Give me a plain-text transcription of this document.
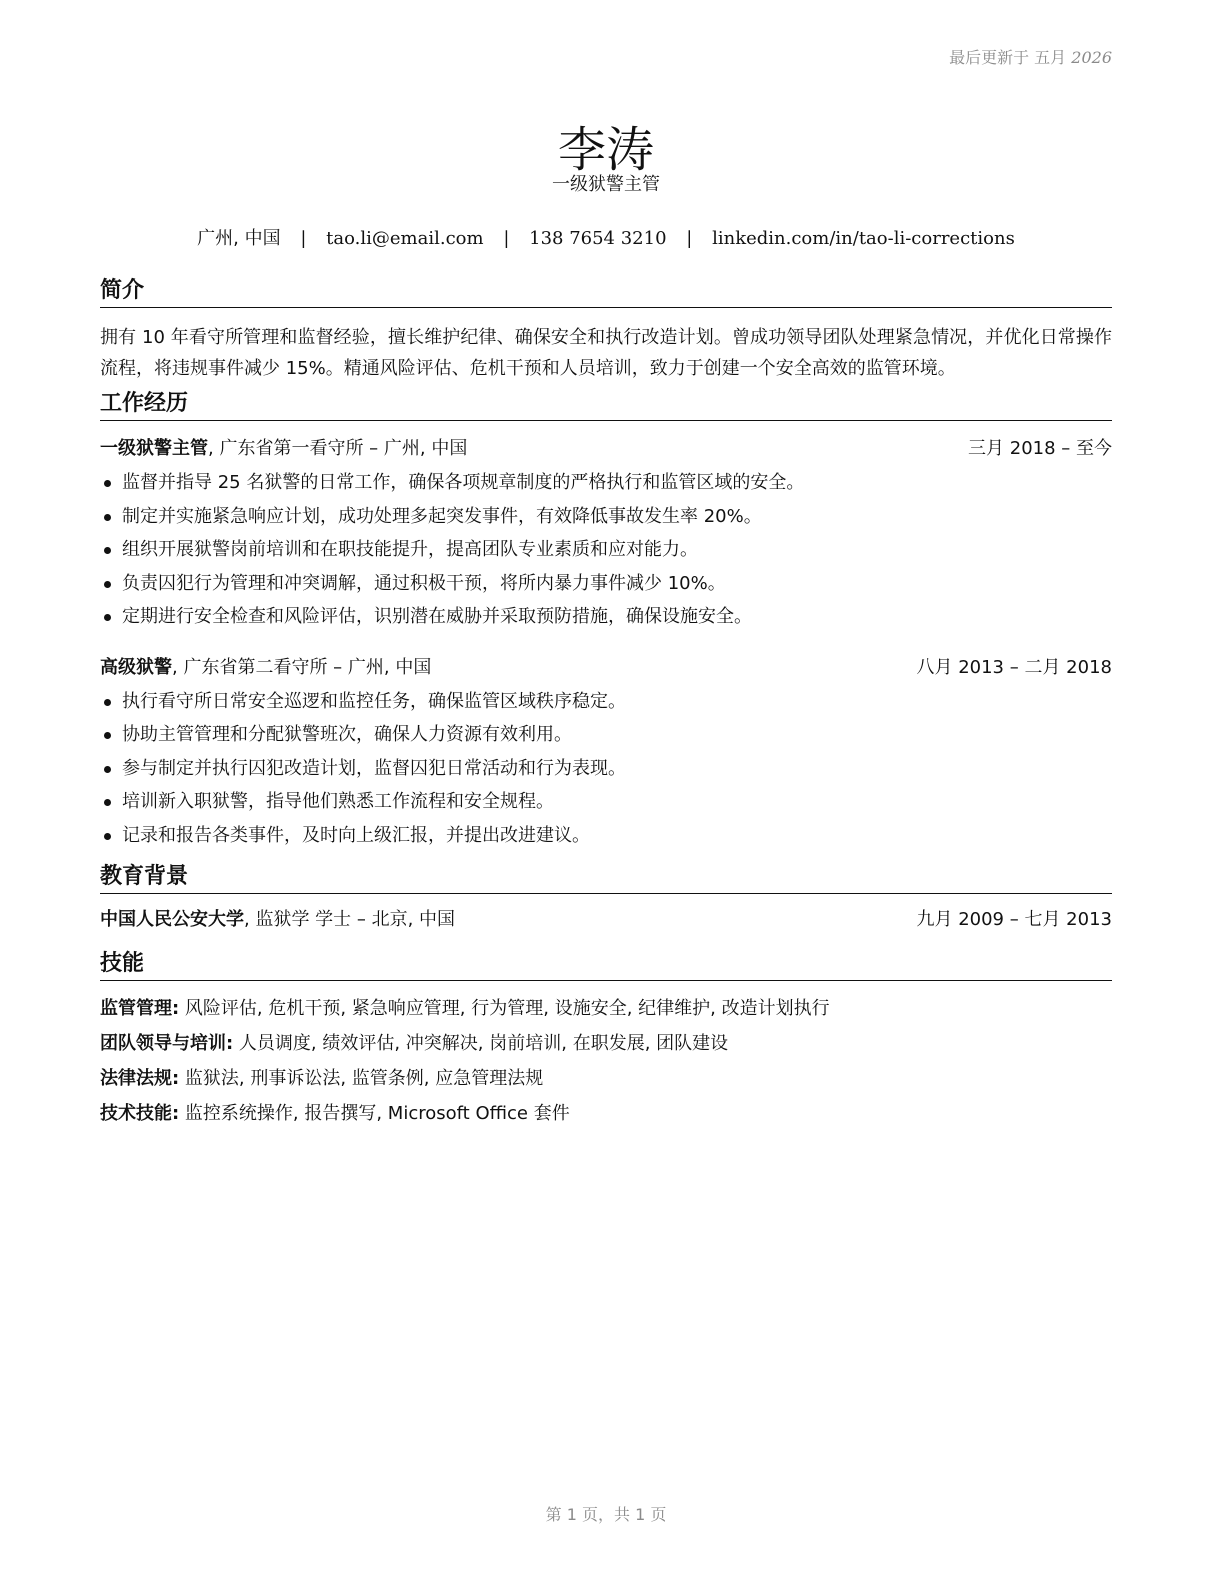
最后更新于 五月 2026
李涛
一级狱警主管
广州, 中国 | tao.li@email.com | 138 7654 3210 | linkedin.com/in/tao-li-corrections
简介

拥有 10 年看守所管理和监督经验，擅长维护纪律、确保安全和执行改造计划。曾成功领导团队处理紧急情况，并优化日常操作流程，将违规事件减少 15%。精通风险评估、危机干预和人员培训，致力于创建一个安全高效的监管环境。

工作经历
一级狱警主管, 广东省第一看守所 – 广州, 中国	三月 2018 – 至今
监督并指导 25 名狱警的日常工作，确保各项规章制度的严格执行和监管区域的安全。
制定并实施紧急响应计划，成功处理多起突发事件，有效降低事故发生率 20%。
组织开展狱警岗前培训和在职技能提升，提高团队专业素质和应对能力。
负责囚犯行为管理和冲突调解，通过积极干预，将所内暴力事件减少 10%。
定期进行安全检查和风险评估，识别潜在威胁并采取预防措施，确保设施安全。
高级狱警, 广东省第二看守所 – 广州, 中国	八月 2013 – 二月 2018
执行看守所日常安全巡逻和监控任务，确保监管区域秩序稳定。
协助主管管理和分配狱警班次，确保人力资源有效利用。
参与制定并执行囚犯改造计划，监督囚犯日常活动和行为表现。
培训新入职狱警，指导他们熟悉工作流程和安全规程。
记录和报告各类事件，及时向上级汇报，并提出改进建议。
教育背景
中国人民公安大学, 监狱学 学士 – 北京, 中国	九月 2009 – 七月 2013
技能
监管管理: 风险评估, 危机干预, 紧急响应管理, 行为管理, 设施安全, 纪律维护, 改造计划执行
团队领导与培训: 人员调度, 绩效评估, 冲突解决, 岗前培训, 在职发展, 团队建设
法律法规: 监狱法, 刑事诉讼法, 监管条例, 应急管理法规
技术技能: 监控系统操作, 报告撰写, Microsoft Office 套件
第 1 页，共 1 页
